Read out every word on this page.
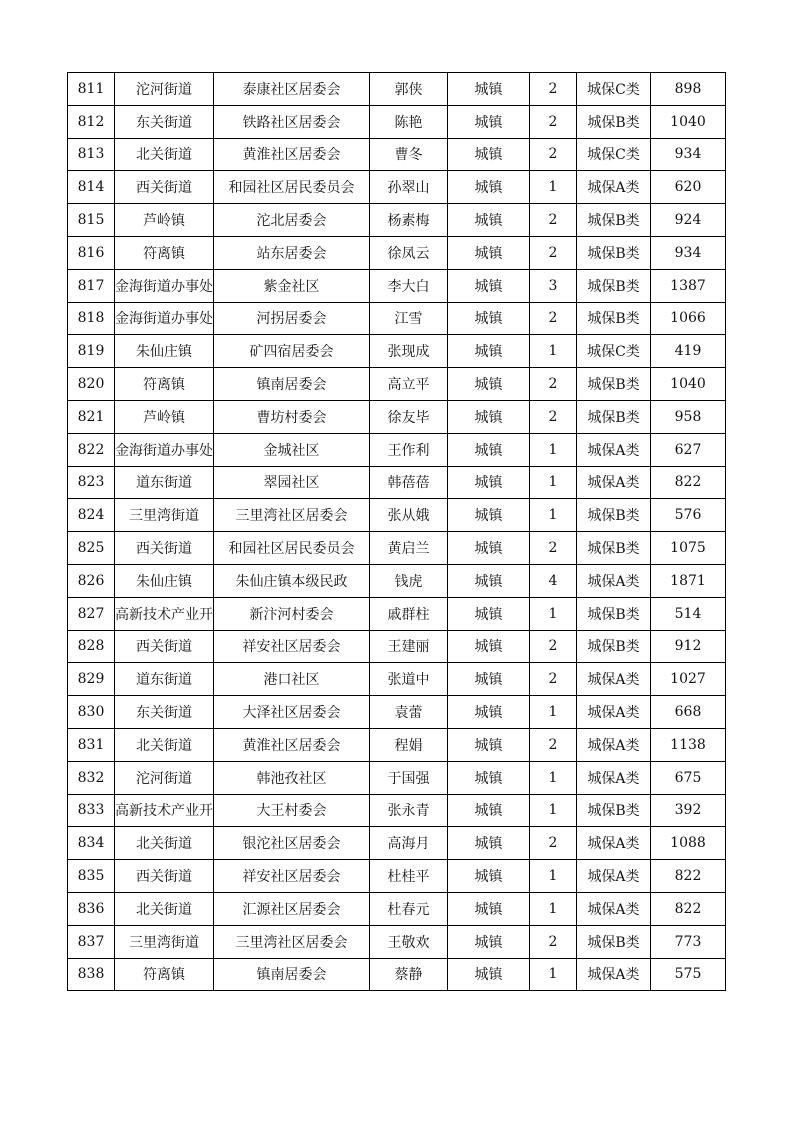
811	沱河街道	泰康社区居委会	郭侠	城镇	2	城保C类	898
812	东关街道	铁路社区居委会	陈艳	城镇	2	城保B类	1040
813	北关街道	黄淮社区居委会	曹冬	城镇	2	城保C类	934
814	西关街道	和园社区居民委员会	孙翠山	城镇	1	城保A类	620
815	芦岭镇	沱北居委会	杨素梅	城镇	2	城保B类	924
816	符离镇	站东居委会	徐凤云	城镇	2	城保B类	934
817	金海街道办事处	紫金社区	李大白	城镇	3	城保B类	1387
818	金海街道办事处	河拐居委会	江雪	城镇	2	城保B类	1066
819	朱仙庄镇	矿四宿居委会	张现成	城镇	1	城保C类	419
820	符离镇	镇南居委会	高立平	城镇	2	城保B类	1040
821	芦岭镇	曹坊村委会	徐友毕	城镇	2	城保B类	958
822	金海街道办事处	金城社区	王作利	城镇	1	城保A类	627
823	道东街道	翠园社区	韩蓓蓓	城镇	1	城保A类	822
824	三里湾街道	三里湾社区居委会	张从娥	城镇	1	城保B类	576
825	西关街道	和园社区居民委员会	黄启兰	城镇	2	城保B类	1075
826	朱仙庄镇	朱仙庄镇本级民政	钱虎	城镇	4	城保A类	1871
827	高新技术产业开	新汴河村委会	戚群柱	城镇	1	城保B类	514
828	西关街道	祥安社区居委会	王建丽	城镇	2	城保B类	912
829	道东街道	港口社区	张道中	城镇	2	城保A类	1027
830	东关街道	大泽社区居委会	袁蕾	城镇	1	城保A类	668
831	北关街道	黄淮社区居委会	程娟	城镇	2	城保A类	1138
832	沱河街道	韩池孜社区	于国强	城镇	1	城保A类	675
833	高新技术产业开	大王村委会	张永青	城镇	1	城保B类	392
834	北关街道	银沱社区居委会	高海月	城镇	2	城保A类	1088
835	西关街道	祥安社区居委会	杜桂平	城镇	1	城保A类	822
836	北关街道	汇源社区居委会	杜春元	城镇	1	城保A类	822
837	三里湾街道	三里湾社区居委会	王敬欢	城镇	2	城保B类	773
838	符离镇	镇南居委会	蔡静	城镇	1	城保A类	575
